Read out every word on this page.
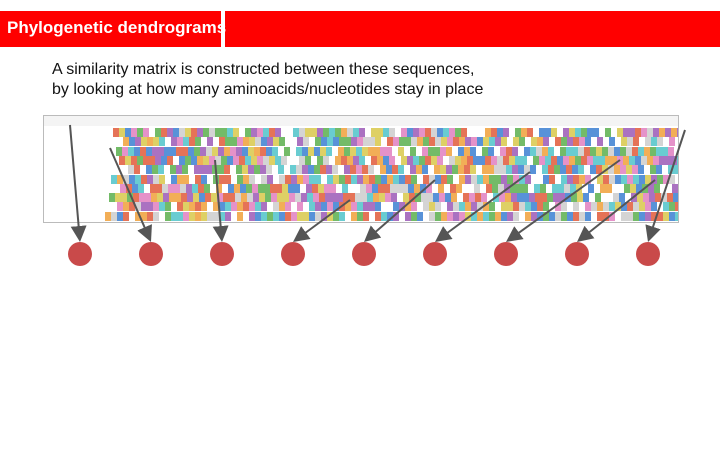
Phylogenetic dendrograms
A similarity matrix is constructed between these sequences,
by looking at how many aminoacids/nucleotides stay in place
